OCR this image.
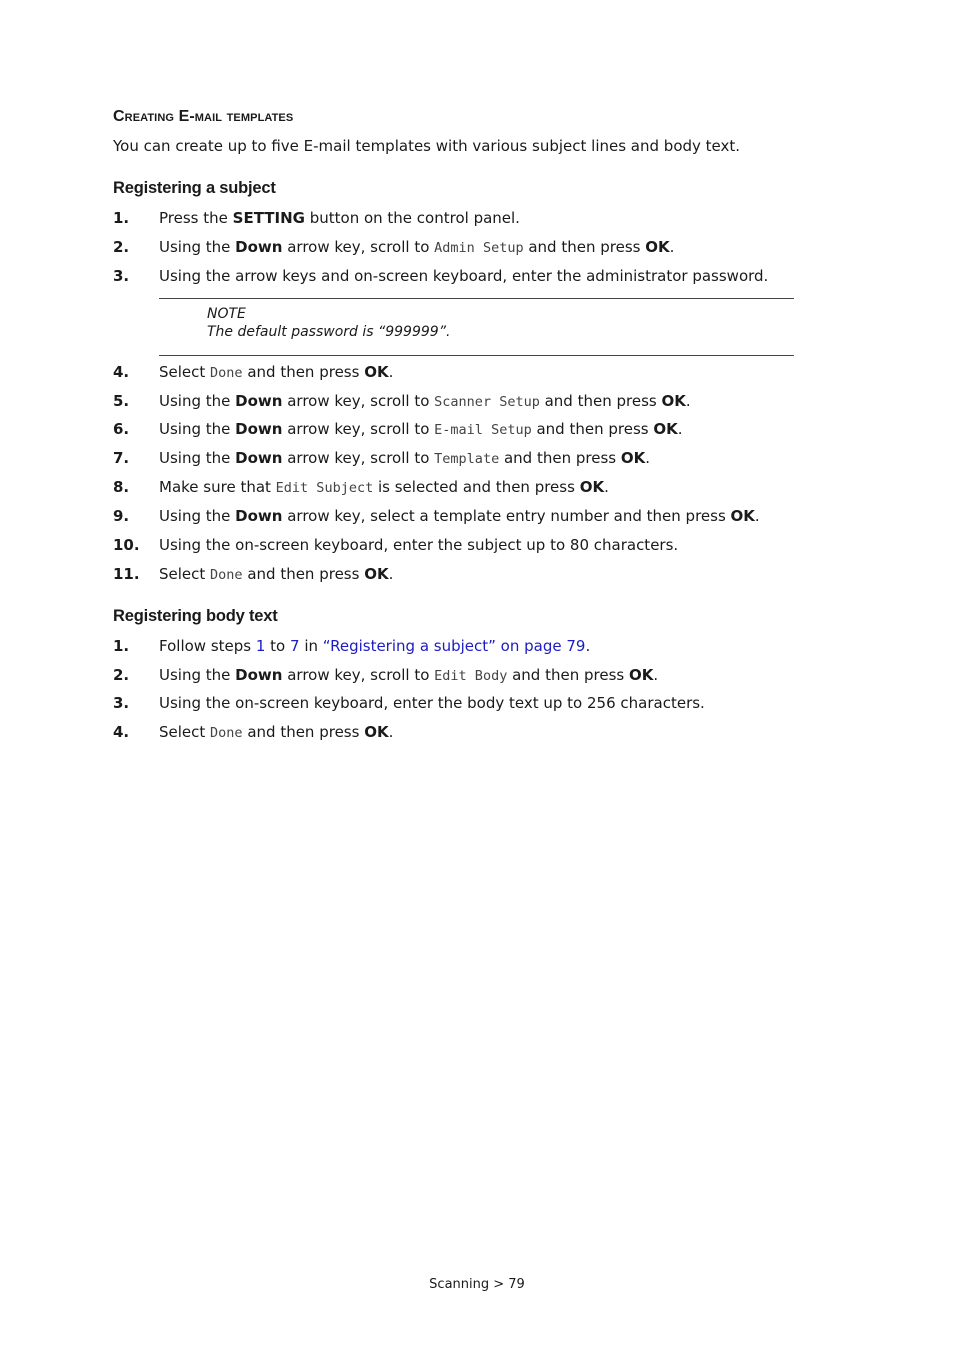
Creating E-mail templates

You can create up to five E-mail templates with various subject lines and body text.

Registering a subject
1. Press the SETTING button on the control panel.
2. Using the Down arrow key, scroll to Admin Setup and then press OK.
3. Using the arrow keys and on-screen keyboard, enter the administrator password.

NOTE

The default password is “999999”.

4. Select Done and then press OK.
5. Using the Down arrow key, scroll to Scanner Setup and then press OK.
6. Using the Down arrow key, scroll to E-mail Setup and then press OK.
7. Using the Down arrow key, scroll to Template and then press OK.
8. Make sure that Edit Subject is selected and then press OK.
9. Using the Down arrow key, select a template entry number and then press OK.
10. Using the on-screen keyboard, enter the subject up to 80 characters.
11. Select Done and then press OK.
Registering body text
1. Follow steps 1 to 7 in “Registering a subject” on page 79.
2. Using the Down arrow key, scroll to Edit Body and then press OK.
3. Using the on-screen keyboard, enter the body text up to 256 characters.
4. Select Done and then press OK.
Scanning > 79
